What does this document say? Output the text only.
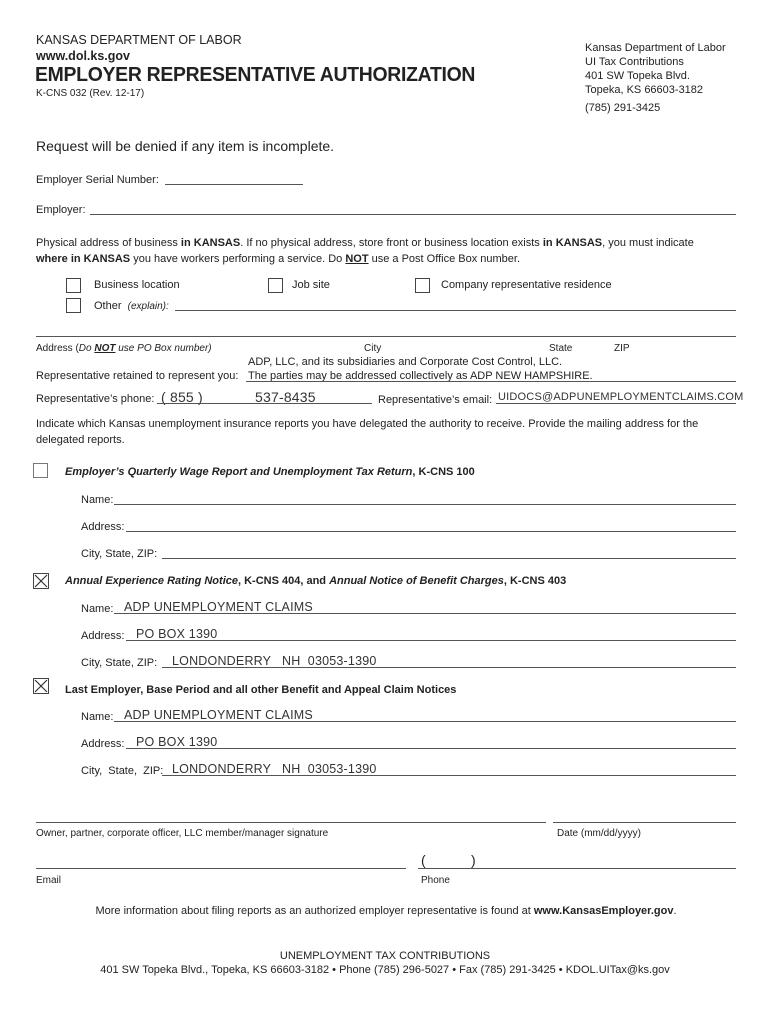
KANSAS DEPARTMENT OF LABOR
www.dol.ks.gov
EMPLOYER REPRESENTATIVE AUTHORIZATION
K-CNS 032 (Rev. 12-17)
Kansas Department of Labor
UI Tax Contributions
401 SW Topeka Blvd.
Topeka, KS 66603-3182
(785) 291-3425
Request will be denied if any item is incomplete.
Employer Serial Number:
Employer:
Physical address of business in KANSAS. If no physical address, store front or business location exists in KANSAS, you must indicate
where in KANSAS you have workers performing a service. Do NOT use a Post Office Box number.
Business location	Job site	Company representative residence
Other (explain):
Address (Do NOT use PO Box number)	City	State	ZIP
ADP, LLC, and its subsidiaries and Corporate Cost Control, LLC.
Representative retained to represent you: The parties may be addressed collectively as ADP NEW HAMPSHIRE.
Representative’s phone: ( 855 )	537-8435	Representative’s email: UIDOCS@ADPUNEMPLOYMENTCLAIMS.COM
Indicate which Kansas unemployment insurance reports you have delegated the authority to receive. Provide the mailing address for the
delegated reports.
Employer’s Quarterly Wage Report and Unemployment Tax Return, K-CNS 100
Name:
Address:
City, State, ZIP:
Annual Experience Rating Notice, K-CNS 404, and Annual Notice of Benefit Charges, K-CNS 403
Name: ADP UNEMPLOYMENT CLAIMS
Address: PO BOX 1390
City, State, ZIP: LONDONDERRY   NH  03053-1390
Last Employer, Base Period and all other Benefit and Appeal Claim Notices
Name: ADP UNEMPLOYMENT CLAIMS
Address: PO BOX 1390
City,  State,  ZIP: LONDONDERRY   NH  03053-1390
Owner, partner, corporate officer, LLC member/manager signature	Date (mm/dd/yyyy)
(	)
Email	Phone
More information about filing reports as an authorized employer representative is found at www.KansasEmployer.gov.
UNEMPLOYMENT TAX CONTRIBUTIONS
401 SW Topeka Blvd., Topeka, KS 66603-3182 • Phone (785) 296-5027 • Fax (785) 291-3425 • KDOL.UITax@ks.gov
